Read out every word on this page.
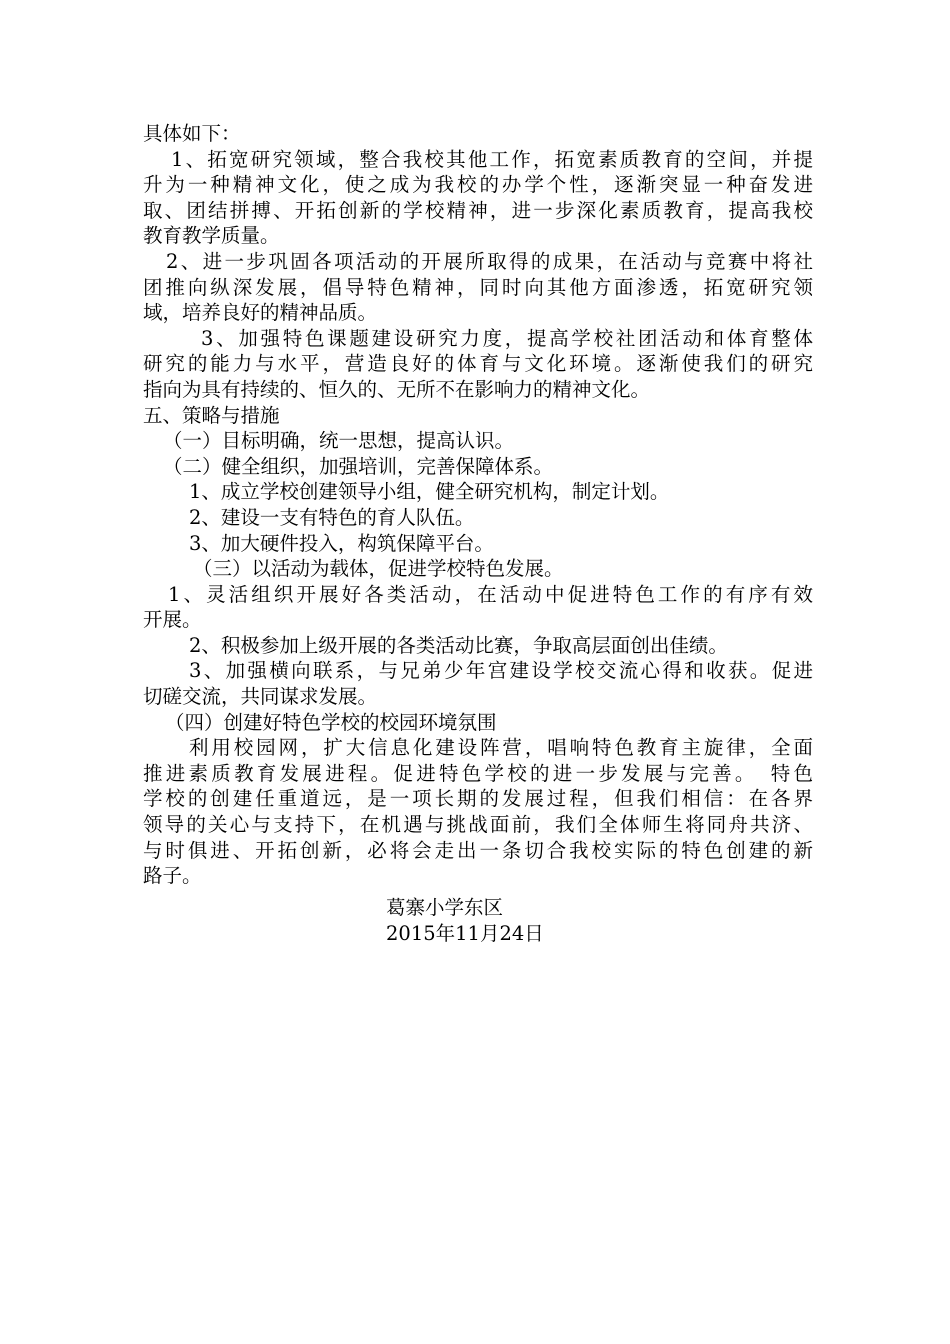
具体如下：
1、拓宽研究领域，整合我校其他工作，拓宽素质教育的空间，并提
升为一种精神文化，使之成为我校的办学个性，逐渐突显一种奋发进
取、团结拼搏、开拓创新的学校精神，进一步深化素质教育，提高我校
教育教学质量。
2、进一步巩固各项活动的开展所取得的成果，在活动与竞赛中将社
团推向纵深发展，倡导特色精神，同时向其他方面渗透，拓宽研究领
域，培养良好的精神品质。
3、加强特色课题建设研究力度，提高学校社团活动和体育整体
研究的能力与水平，营造良好的体育与文化环境。逐渐使我们的研究
指向为具有持续的、恒久的、无所不在影响力的精神文化。
五、策略与措施
（一）目标明确，统一思想，提高认识。
（二）健全组织，加强培训，完善保障体系。
1、成立学校创建领导小组，健全研究机构，制定计划。
2、建设一支有特色的育人队伍。
3、加大硬件投入，构筑保障平台。
（三）以活动为载体，促进学校特色发展。
1、灵活组织开展好各类活动，在活动中促进特色工作的有序有效
开展。
2、积极参加上级开展的各类活动比赛，争取高层面创出佳绩。
3、加强横向联系，与兄弟少年宫建设学校交流心得和收获。促进
切磋交流，共同谋求发展。
（四）创建好特色学校的校园环境氛围
利用校园网，扩大信息化建设阵营，唱响特色教育主旋律，全面
推进素质教育发展进程。促进特色学校的进一步发展与完善。　特色
学校的创建任重道远，是一项长期的发展过程，但我们相信：在各界
领导的关心与支持下，在机遇与挑战面前，我们全体师生将同舟共济、
与时俱进、开拓创新，必将会走出一条切合我校实际的特色创建的新
路子。
葛寨小学东区
2015年11月24日
